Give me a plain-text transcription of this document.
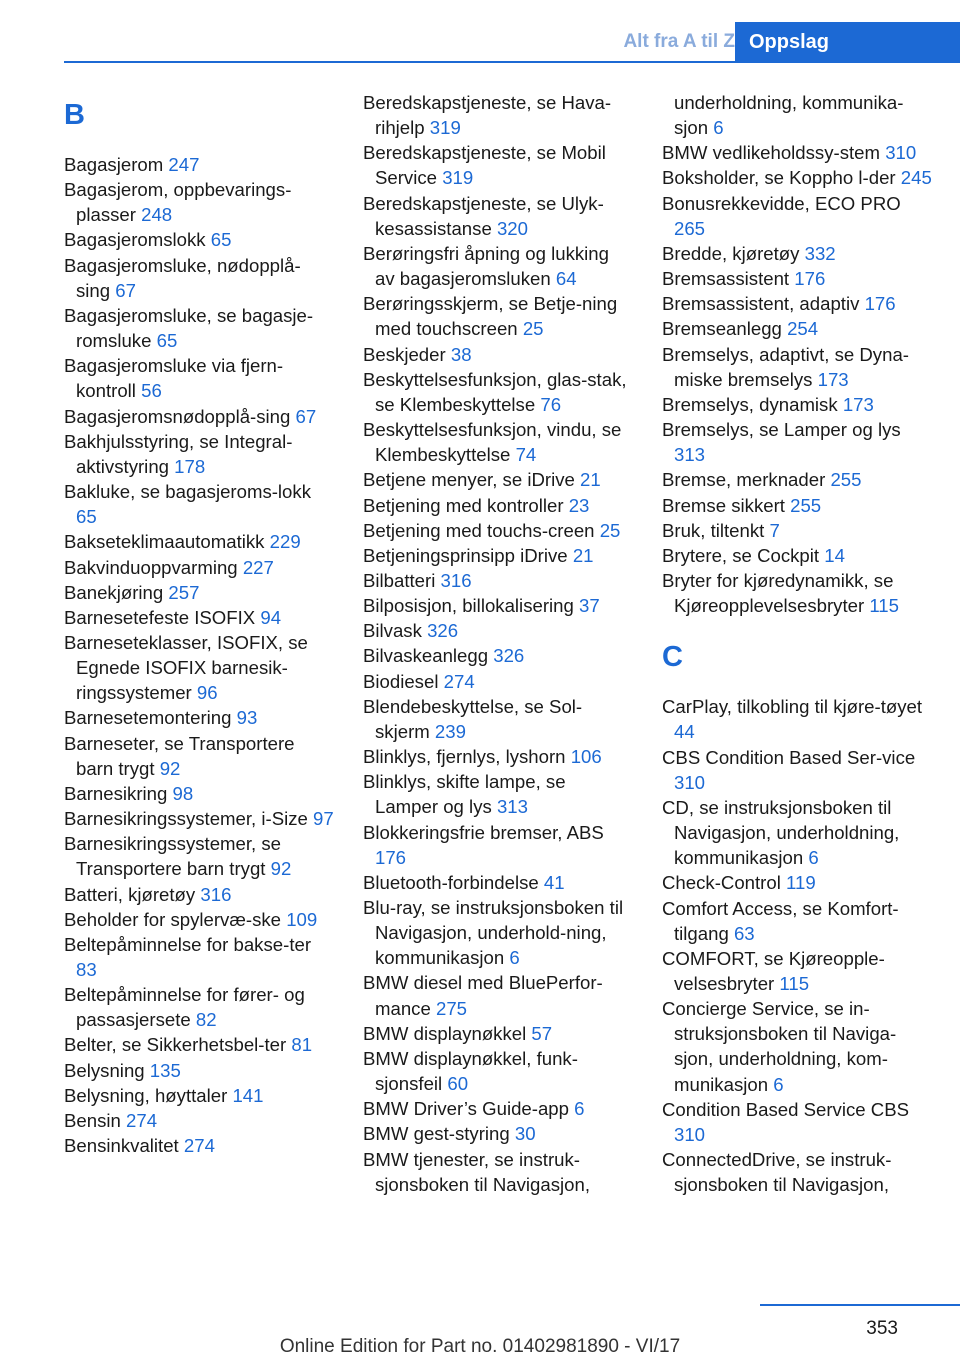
Alt fra A til Z Oppslag
B
Bagasjerom 247
Bagasjerom, oppbevarings-plasser 248
Bagasjeromslokk 65
Bagasjeromsluke, nødopplå-sing 67
Bagasjeromsluke, se bagasje-romsluke 65
Bagasjeromsluke via fjern-kontroll 56
Bagasjeromsnødopplå-sing 67
Bakhjulsstyring, se Integral-aktivstyring 178
Bakluke, se bagasjeroms-lokk 65
Bakseteklimaautomatikk 229
Bakvinduoppvarming 227
Banekjøring 257
Barnesetefeste ISOFIX 94
Barneseteklasser, ISOFIX, se Egnede ISOFIX barnesik-ringssystemer 96
Barnesetemontering 93
Barneseter, se Transportere barn trygt 92
Barnesikring 98
Barnesikringssystemer, i-Size 97
Barnesikringssystemer, se Transportere barn trygt 92
Batteri, kjøretøy 316
Beholder for spylervæ-ske 109
Beltepåminnelse for bakse-ter 83
Beltepåminnelse for fører- og passasjersete 82
Belter, se Sikkerhetsbel-ter 81
Belysning 135
Belysning, høyttaler 141
Bensin 274
Bensinkvalitet 274
Beredskapstjeneste, se Hava-rihjelp 319
Beredskapstjeneste, se Mobil Service 319
Beredskapstjeneste, se Ulyk-kesassistanse 320
Berøringsfri åpning og lukking av bagasjeromsluken 64
Berøringsskjerm, se Betje-ning med touchscreen 25
Beskjeder 38
Beskyttelsesfunksjon, glas-stak, se Klembeskyttelse 76
Beskyttelsesfunksjon, vindu, se Klembeskyttelse 74
Betjene menyer, se iDrive 21
Betjening med kontroller 23
Betjening med touchs-creen 25
Betjeningsprinsipp iDrive 21
Bilbatteri 316
Bilposisjon, billokalisering 37
Bilvask 326
Bilvaskeanlegg 326
Biodiesel 274
Blendebeskyttelse, se Sol-skjerm 239
Blinklys, fjernlys, lyshorn 106
Blinklys, skifte lampe, se Lamper og lys 313
Blokkeringsfrie bremser, ABS 176
Bluetooth-forbindelse 41
Blu-ray, se instruksjonsboken til Navigasjon, underhold-ning, kommunikasjon 6
BMW diesel med BluePerfor-mance 275
BMW displaynøkkel 57
BMW displaynøkkel, funk-sjonsfeil 60
BMW Driver’s Guide-app 6
BMW gest-styring 30
BMW tjenester, se instruk-sjonsboken til Navigasjon,
underholdning, kommunika-sjon 6
BMW vedlikeholdssy-stem 310
Boksholder, se Koppho l-der 245
Bonusrekkevidde, ECO PRO 265
Bredde, kjøretøy 332
Bremsassistent 176
Bremsassistent, adaptiv 176
Bremseanlegg 254
Bremselys, adaptivt, se Dyna-miske bremselys 173
Bremselys, dynamisk 173
Bremselys, se Lamper og lys 313
Bremse, merknader 255
Bremse sikkert 255
Bruk, tiltenkt 7
Brytere, se Cockpit 14
Bryter for kjøredynamikk, se Kjøreopplevelsesbryter 115
C
CarPlay, tilkobling til kjøre-tøyet 44
CBS Condition Based Ser-vice 310
CD, se instruksjonsboken til Navigasjon, underholdning, kommunikasjon 6
Check-Control 119
Comfort Access, se Komfort-tilgang 63
COMFORT, se Kjøreopple-velsesbryter 115
Concierge Service, se in-struksjonsboken til Naviga-sjon, underholdning, kom-munikasjon 6
Condition Based Service CBS 310
ConnectedDrive, se instruk-sjonsboken til Navigasjon,
353
Online Edition for Part no. 01402981890 - VI/17
